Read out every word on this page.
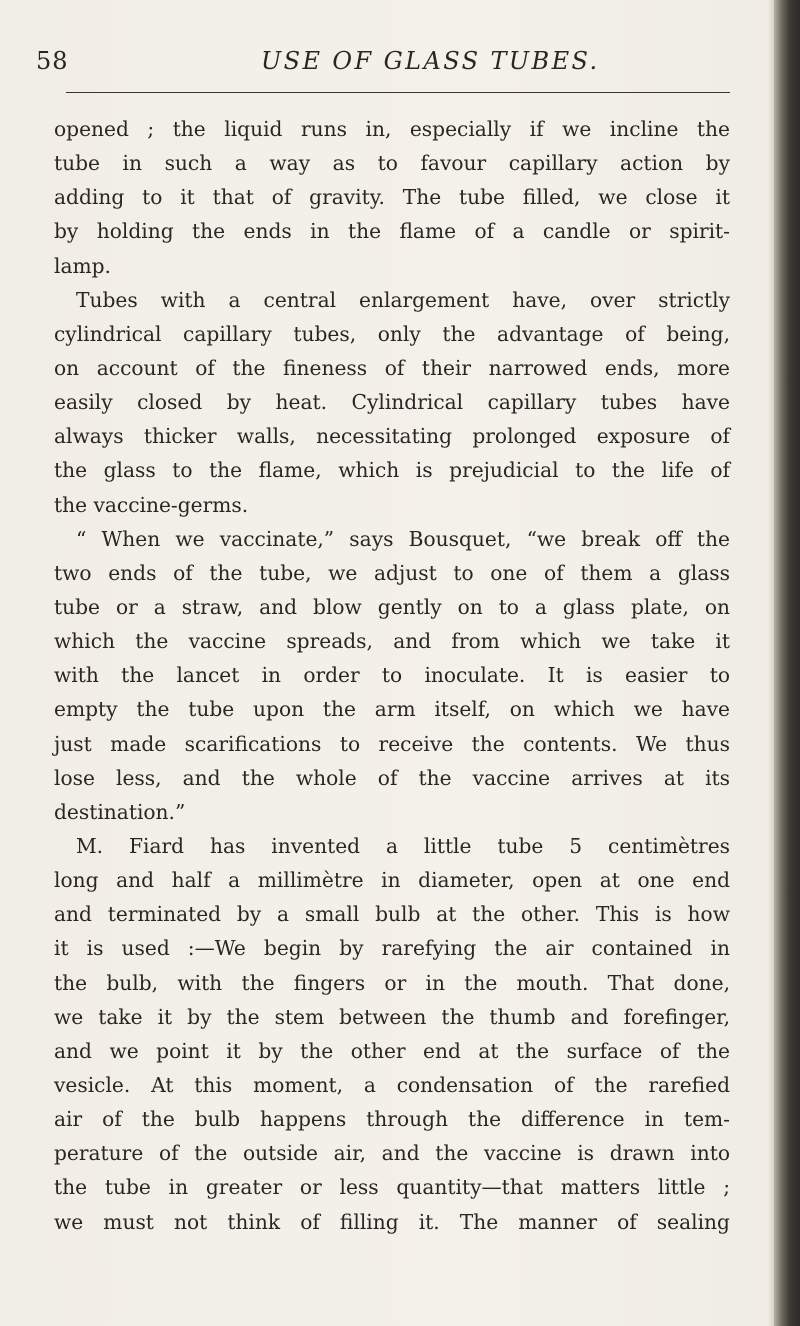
58	USE OF GLASS TUBES.
opened ; the liquid runs in, especially if we incline the
tube in such a way as to favour capillary action by
adding to it that of gravity. The tube filled, we close it
by holding the ends in the flame of a candle or spirit-
lamp.
Tubes with a central enlargement have, over strictly
cylindrical capillary tubes, only the advantage of being,
on account of the fineness of their narrowed ends, more
easily closed by heat. Cylindrical capillary tubes have
always thicker walls, necessitating prolonged exposure of
the glass to the flame, which is prejudicial to the life of
the vaccine-germs.
“ When we vaccinate,” says Bousquet, “we break off the
two ends of the tube, we adjust to one of them a glass
tube or a straw, and blow gently on to a glass plate, on
which the vaccine spreads, and from which we take it
with the lancet in order to inoculate. It is easier to
empty the tube upon the arm itself, on which we have
just made scarifications to receive the contents. We thus
lose less, and the whole of the vaccine arrives at its
destination.”
M. Fiard has invented a little tube 5 centimètres
long and half a millimètre in diameter, open at one end
and terminated by a small bulb at the other. This is how
it is used :—We begin by rarefying the air contained in
the bulb, with the fingers or in the mouth. That done,
we take it by the stem between the thumb and forefinger,
and we point it by the other end at the surface of the
vesicle. At this moment, a condensation of the rarefied
air of the bulb happens through the difference in tem-
perature of the outside air, and the vaccine is drawn into
the tube in greater or less quantity—that matters little ;
we must not think of filling it. The manner of sealing
